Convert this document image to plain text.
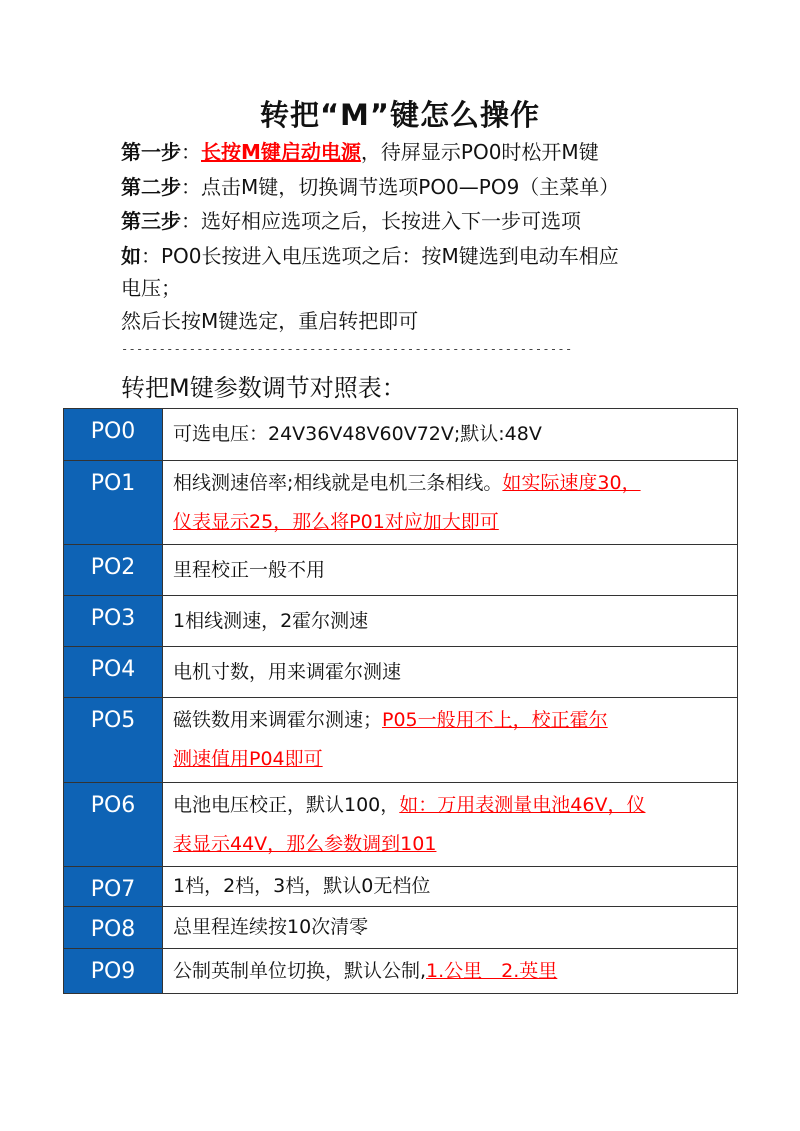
转把“M”键怎么操作
第一步：长按M键启动电源，待屏显示PO0时松开M键
第二步：点击M键，切换调节选项PO0—PO9（主菜单）
第三步：选好相应选项之后，长按进入下一步可选项
如：PO0长按进入电压选项之后：按M键选到电动车相应
电压；
然后长按M键选定，重启转把即可
------------------------------------------------------------
转把M键参数调节对照表：
PO0	可选电压：24V36V48V60V72V;默认:48V
PO1	相线测速倍率;相线就是电机三条相线。如实际速度30，
仪表显示25，那么将P01对应加大即可
PO2	里程校正一般不用
PO3	1相线测速，2霍尔测速
PO4	电机寸数，用来调霍尔测速
PO5	磁铁数用来调霍尔测速；P05一般用不上，校正霍尔
测速值用P04即可
PO6	电池电压校正，默认100，如：万用表测量电池46V，仪
表显示44V，那么参数调到101
PO7	1档，2档，3档，默认0无档位
PO8	总里程连续按10次清零
PO9	公制英制单位切换，默认公制,1.公里　2.英里
